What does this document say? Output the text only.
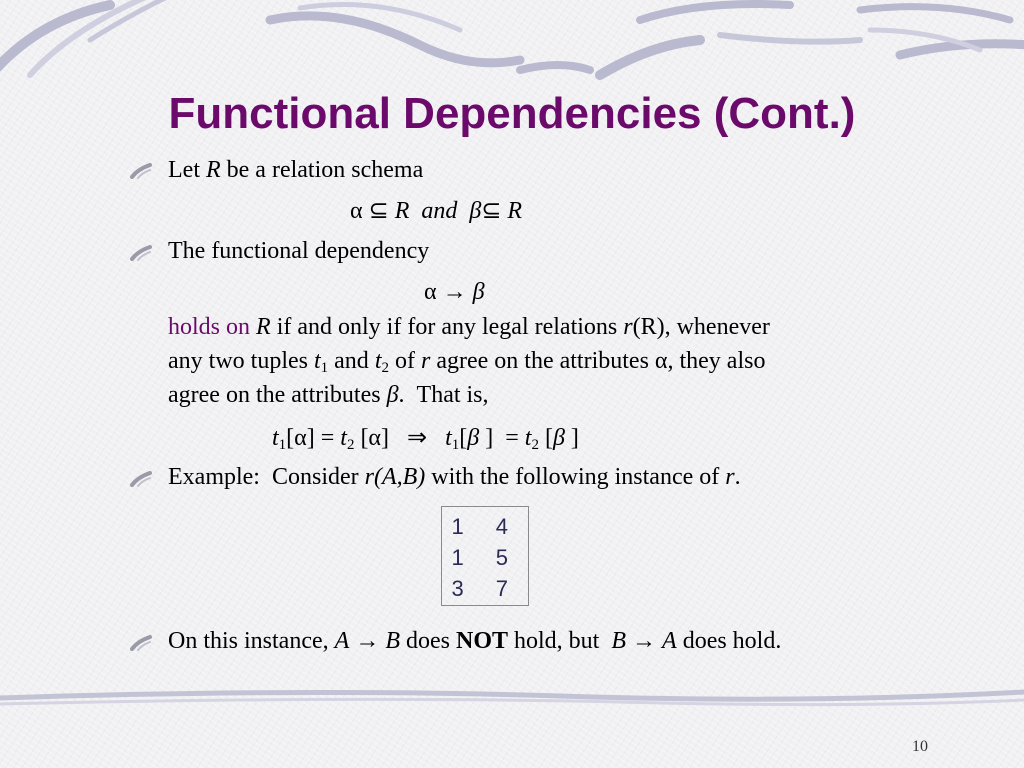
Functional Dependencies (Cont.)
Let R be a relation schema
α ⊆ R  and  β⊆ R
The functional dependency
α → β
holds on R if and only if for any legal relations r(R), whenever
any two tuples $t_1$ and $t_2$ of r agree on the attributes α, they also
agree on the attributes β.  That is,
$t_1[\alpha] = t_2$ [α]   ⇒   $t_1[\beta$ ]  = $t_2$ [β ]
Example:  Consider r(A,B) with the following instance of r.
1	4
1	5
3	7
On this instance, A → B does NOT hold, but  B → A does hold.
10
